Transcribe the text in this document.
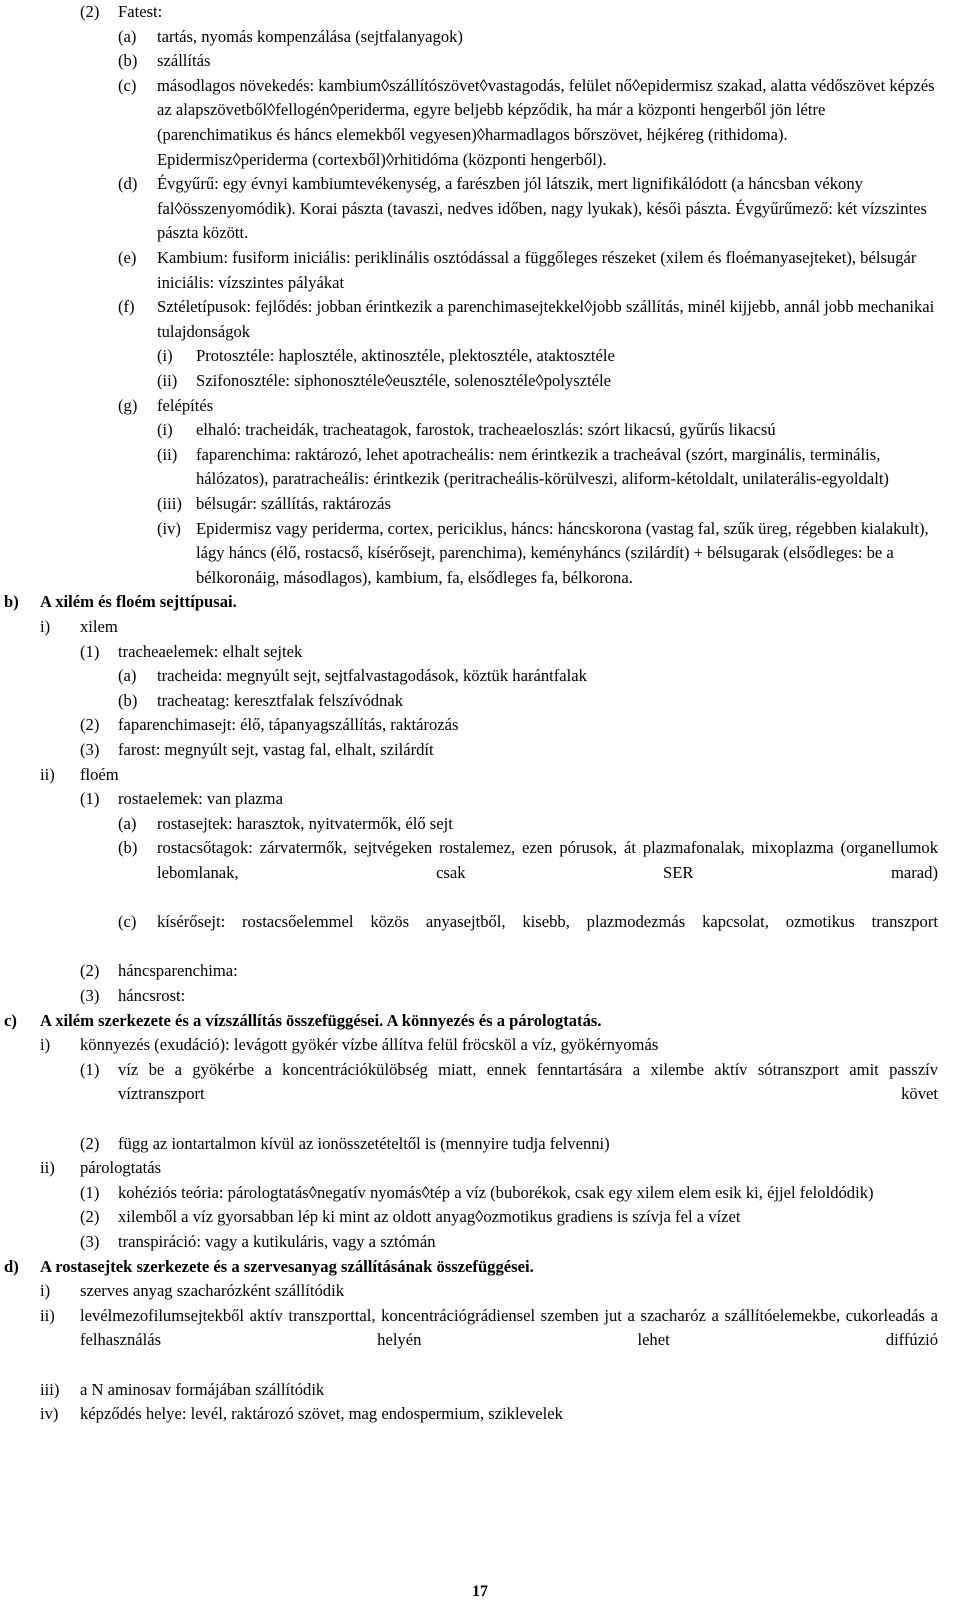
(2) Fatest:
(a) tartás, nyomás kompenzálása (sejtfalanyagok)
(b) szállítás
(c) másodlagos növekedés: kambium◊szállítószövet◊vastagodás, felület nő◊epidermisz szakad, alatta védőszövet képzés az alapszövetből◊fellogén◊periderma, egyre beljebb képződik, ha már a központi hengerből jön létre (parenchimatikus és háncs elemekből vegyesen)◊harmadlagos bőrszövet, héjkéreg (rithidoma). Epidermisz◊periderma (cortexből)◊rhitidóma (központi hengerből).
(d) Évgyűrű: egy évnyi kambiumtevékenység, a farészben jól látszik, mert lignifikálódott (a háncsban vékony fal◊összenyomódik). Korai pászta (tavaszi, nedves időben, nagy lyukak), késői pászta. Évgyűrűmező: két vízszintes pászta között.
(e) Kambium: fusiform iniciális: periklinális osztódással a függőleges részeket (xilem és floémanyasejteket), bélsugár iniciális: vízszintes pályákat
(f) Sztéletípusok: fejlődés: jobban érintkezik a parenchimasejtekkel◊jobb szállítás, minél kijjebb, annál jobb mechanikai tulajdonságok
(i) Protosztéle: haplosztéle, aktinosztéle, plektosztéle, ataktosztéle
(ii) Szifonosztéle: siphonosztéle◊eusztéle, solenosztéle◊polysztéle
(g) felépítés
(i) elhaló: tracheidák, tracheatagok, farostok, tracheaeloszlás: szórt likacsú, gyűrűs likacsú
(ii) faparenchima: raktározó, lehet apotracheális: nem érintkezik a tracheával (szórt, marginális, terminális, hálózatos), paratracheális: érintkezik (peritracheális-körülveszi, aliform-kétoldalt, unilaterális-egyoldalt)
(iii) bélsugár: szállítás, raktározás
(iv) Epidermisz vagy periderma, cortex, periciklus, háncs: háncskorona (vastag fal, szűk üreg, régebben kialakult), lágy háncs (élő, rostacső, kísérősejt, parenchima), keményháncs (szilárdít) + bélsugarak (elsődleges: be a bélkoronáig, másodlagos), kambium, fa, elsődleges fa, bélkorona.
b) A xilém és floém sejttípusai.
i) xilem
(1) tracheaelemek: elhalt sejtek
(a) tracheida: megnyúlt sejt, sejtfalvastagodások, köztük harántfalak
(b) tracheatag: keresztfalak felszívódnak
(2) faparenchimasejt: élő, tápanyagszállítás, raktározás
(3) farost: megnyúlt sejt, vastag fal, elhalt, szilárdít
ii) floém
(1) rostaelemek: van plazma
(a) rostasejtek: harasztok, nyitvatermők, élő sejt
(b) rostacsőtagok: zárvatermők, sejtvégeken rostalemez, ezen pórusok, át plazmafonalak, mixoplazma (organellumok lebomlanak, csak SER marad)
(c) kísérősejt: rostacsőelemmel közös anyasejtből, kisebb, plazmodezmás kapcsolat, ozmotikus transzport
(2) háncsparenchima:
(3) háncsrost:
c) A xilém szerkezete és a vízszállítás összefüggései. A könnyezés és a párologtatás.
i) könnyezés (exudáció): levágott gyökér vízbe állítva felül fröcsköl a víz, gyökérnyomás
(1) víz be a gyökérbe a koncentrációkülöbség miatt, ennek fenntartására a xilembe aktív sótranszport amit passzív víztranszport követ
(2) függ az iontartalmon kívül az ionösszetételtől is (mennyire tudja felvenni)
ii) párologtatás
(1) kohéziós teória: párologtatás◊negatív nyomás◊tép a víz (buborékok, csak egy xilem elem esik ki, éjjel feloldódik)
(2) xilemből a víz gyorsabban lép ki mint az oldott anyag◊ozmotikus gradiens is szívja fel a vízet
(3) transpiráció: vagy a kutikuláris, vagy a sztómán
d) A rostasejtek szerkezete és a szervesanyag szállításának összefüggései.
i) szerves anyag szacharózként szállítódik
ii) levélmezofilumsejtekből aktív transzporttal, koncentrációgrádiensel szemben jut a szacharóz a szállítóelemekbe, cukorleadás a felhasználás helyén lehet diffúzió
iii) a N aminosav formájában szállítódik
iv) képződés helye: levél, raktározó szövet, mag endospermium, sziklevelek
17
